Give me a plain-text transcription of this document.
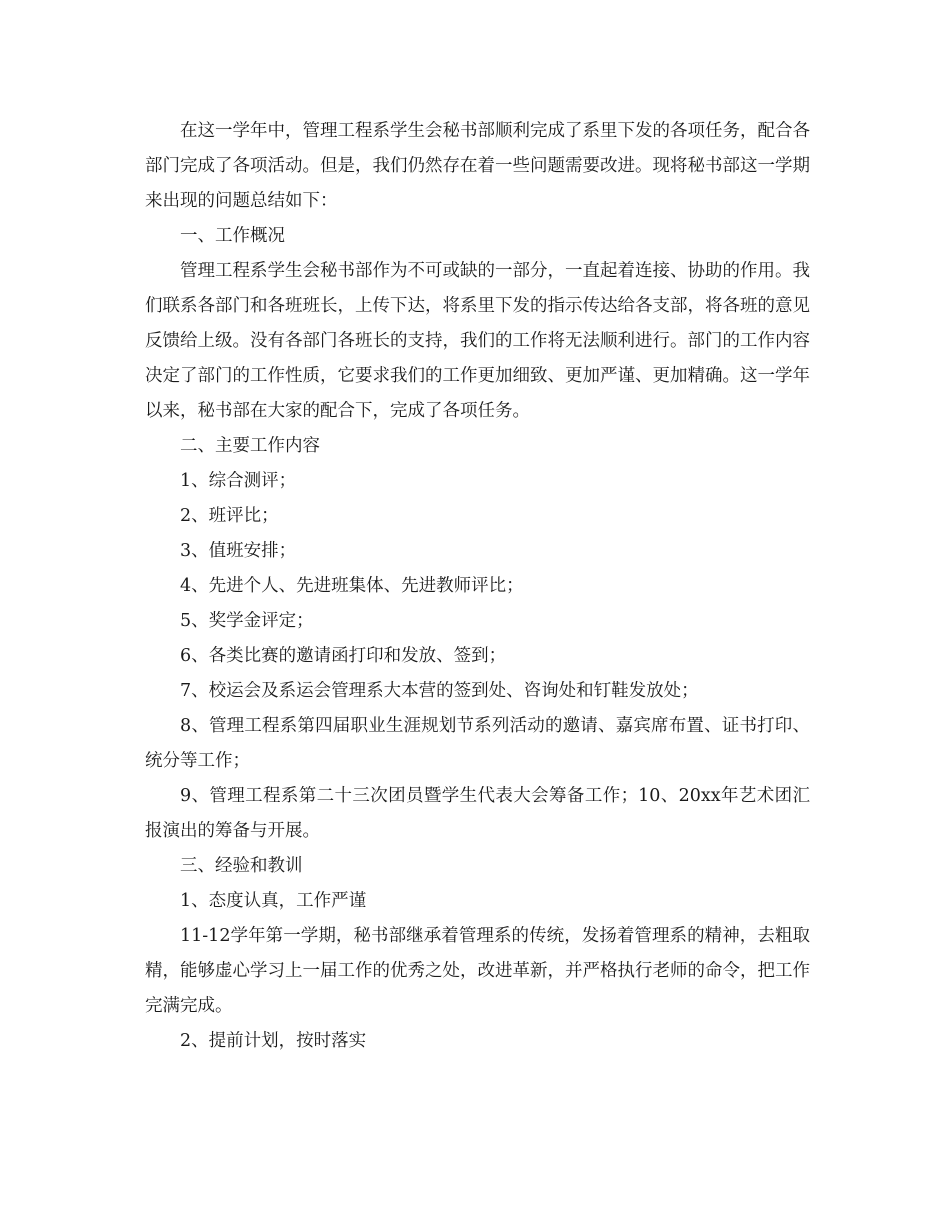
在这一学年中，管理工程系学生会秘书部顺利完成了系里下发的各项任务，配合各部门完成了各项活动。但是，我们仍然存在着一些问题需要改进。现将秘书部这一学期来出现的问题总结如下：

一、工作概况

管理工程系学生会秘书部作为不可或缺的一部分，一直起着连接、协助的作用。我们联系各部门和各班班长，上传下达，将系里下发的指示传达给各支部，将各班的意见反馈给上级。没有各部门各班长的支持，我们的工作将无法顺利进行。部门的工作内容决定了部门的工作性质，它要求我们的工作更加细致、更加严谨、更加精确。这一学年以来，秘书部在大家的配合下，完成了各项任务。

二、主要工作内容

1、综合测评；

2、班评比；

3、值班安排；

4、先进个人、先进班集体、先进教师评比；

5、奖学金评定；

6、各类比赛的邀请函打印和发放、签到；

7、校运会及系运会管理系大本营的签到处、咨询处和钉鞋发放处；

8、管理工程系第四届职业生涯规划节系列活动的邀请、嘉宾席布置、证书打印、统分等工作；

9、管理工程系第二十三次团员暨学生代表大会筹备工作；10、20xx年艺术团汇报演出的筹备与开展。

三、经验和教训

1、态度认真，工作严谨

11-12学年第一学期，秘书部继承着管理系的传统，发扬着管理系的精神，去粗取精，能够虚心学习上一届工作的优秀之处，改进革新，并严格执行老师的命令，把工作完满完成。

2、提前计划，按时落实
